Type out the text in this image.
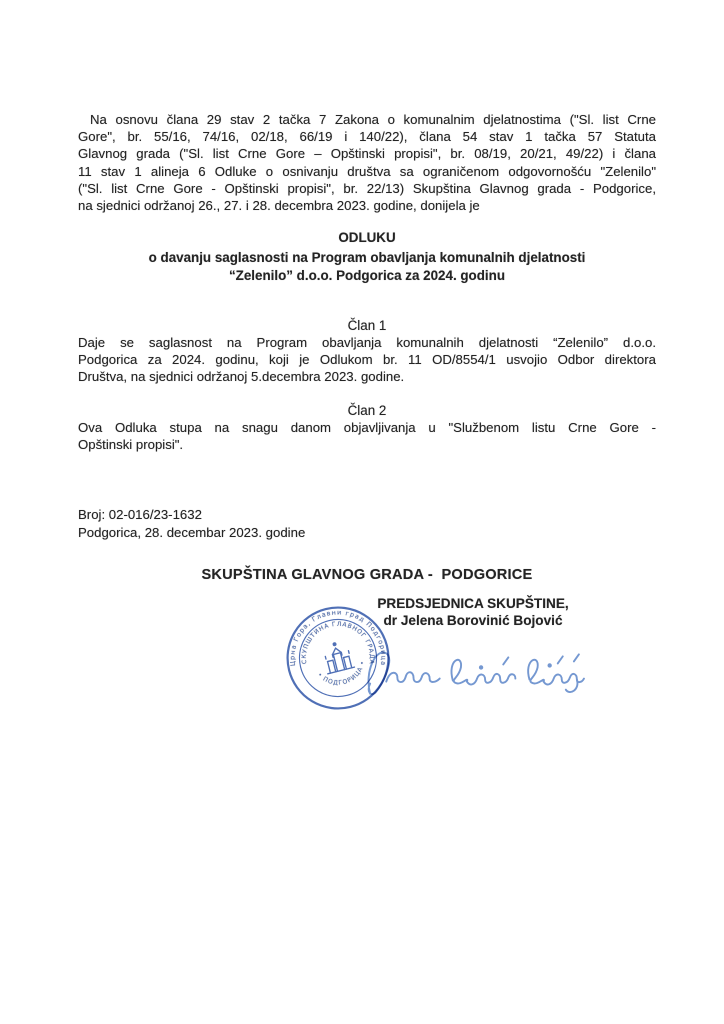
Na osnovu člana 29 stav 2 tačka 7 Zakona o komunalnim djelatnostima ("Sl. list Crne
Gore", br. 55/16, 74/16, 02/18, 66/19 i 140/22), člana 54 stav 1 tačka 57 Statuta
Glavnog grada ("Sl. list Crne Gore – Opštinski propisi", br. 08/19, 20/21, 49/22) i člana
11 stav 1 alineja 6 Odluke o osnivanju društva sa ograničenom odgovornošću "Zelenilo"
("Sl. list Crne Gore - Opštinski propisi", br. 22/13) Skupština Glavnog grada - Podgorice,
na sjednici održanoj 26., 27. i 28. decembra 2023. godine, donijela je
ODLUKU
o davanju saglasnosti na Program obavljanja komunalnih djelatnosti
“Zelenilo” d.o.o. Podgorica za 2024. godinu
Član 1
Daje se saglasnost na Program obavljanja komunalnih djelatnosti “Zelenilo” d.o.o.
Podgorica za 2024. godinu, koji je Odlukom br. 11 OD/8554/1 usvojio Odbor direktora
Društva, na sjednici održanoj 5.decembra 2023. godine.
Član 2
Ova Odluka stupa na snagu danom objavljivanja u "Službenom listu Crne Gore -
Opštinski propisi".
Broj: 02-016/23-1632
Podgorica, 28. decembar 2023. godine
SKUPŠTINA GLAVNOG GRADA -  PODGORICE
PREDSJEDNICA SKUPŠTINE,
dr Jelena Borovinić Bojović
Црна Гора, Главни град Подгорица
СКУПШТИНА ГЛАВНОГ ГРАДА
• ПОДГОРИЦА •
